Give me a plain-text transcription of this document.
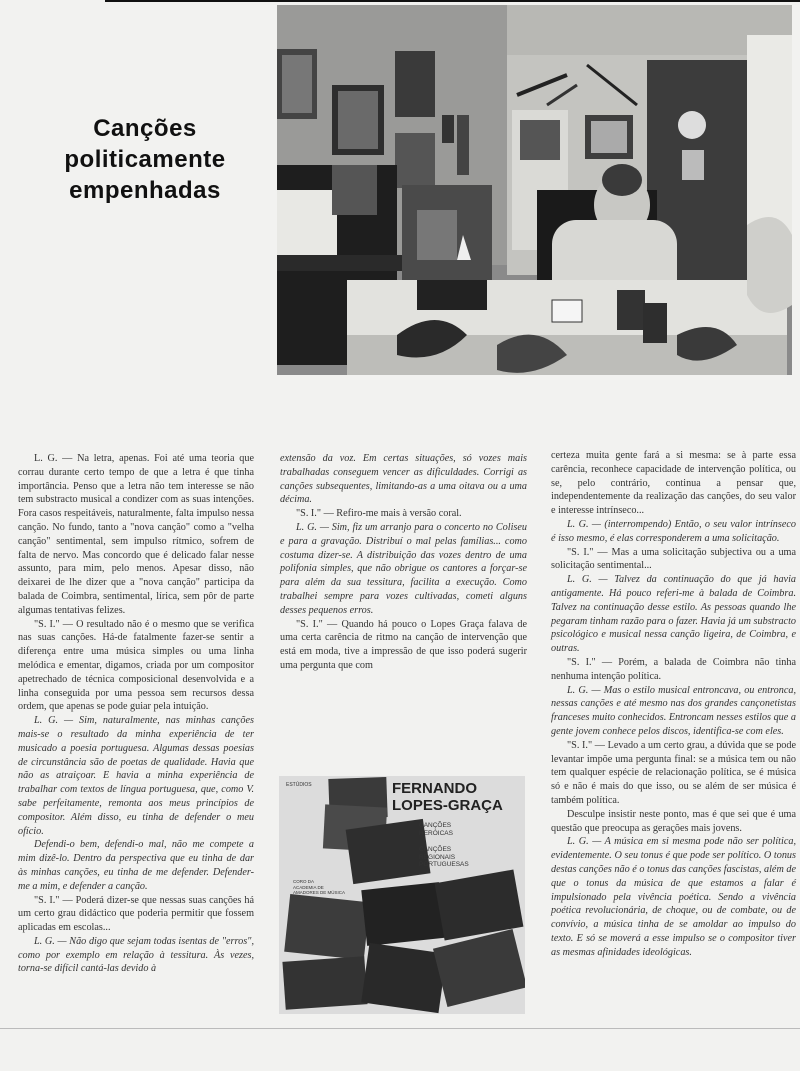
Canções
politicamente
empenhadas

L. G. — Na letra, apenas. Foi até uma teoria que corrau durante certo tempo de que a letra é que tinha importância. Penso que a letra não tem interesse se não tem substracto musical a condizer com as suas intenções. Fora casos respeitáveis, naturalmente, falta impulso nessa canção. No fundo, tanto a "nova canção" como a "velha canção" sentimental, sem impulso rítmico, sofrem de falta de nervo. Mas concordo que é delicado falar nesse assunto, para mim, pelo menos. Apesar disso, não deixarei de lhe dizer que a "nova canção" participa da balada de Coimbra, sentimental, lírica, sem pôr de parte algumas tentativas felizes.

"S. I." — O resultado não é o mesmo que se verifica nas suas canções. Há-de fatalmente fazer-se sentir a diferença entre uma música simples ou uma linha melódica e ementar, digamos, criada por um compositor apetrechado de técnica composicional desenvolvida e a linha conseguida por uma pessoa sem recursos dessa ordem, que apenas se pode guiar pela intuição.

L. G. — Sim, naturalmente, nas minhas canções mais-se o resultado da minha experiência de ter musicado a poesia portuguesa. Algumas dessas poesias de circunstância são de poetas de qualidade. Havia que não as atraiçoar. E havia a minha experiência de trabalhar com textos de língua portuguesa, que, como V. sabe perfeitamente, remonta aos meus princípios de compositor. Além disso, eu tinha de defender o meu ofício.

Defendi-o bem, defendi-o mal, não me compete a mim dizê-lo. Dentro da perspectiva que eu tinha de dar às minhas canções, eu tinha de me defender. Defender-me a mim, e defender a canção.

"S. I." — Poderá dizer-se que nessas suas canções há um certo grau didáctico que poderia permitir que fossem aplicadas em escolas...

L. G. — Não digo que sejam todas isentas de "erros", como por exemplo em relação à tessitura. Às vezes, torna-se difícil cantá-las devido à

extensão da voz. Em certas situações, só vozes mais trabalhadas conseguem vencer as dificuldades. Corrigi as canções subsequentes, limitando-as a uma oitava ou a uma décima.

"S. I." — Refiro-me mais à versão coral.

L. G. — Sim, fiz um arranjo para o concerto no Coliseu e para a gravação. Distribuí o mal pelas famílias... como costuma dizer-se. A distribuição das vozes dentro de uma polifonia simples, que não obrigue os cantores a forçar-se para além da sua tessitura, facilita a execução. Como trabalhei sempre para vozes cultivadas, cometi alguns desses pequenos erros.

"S. I." — Quando há pouco o Lopes Graça falava de uma certa carência de ritmo na canção de intervenção que está em moda, tive a impressão de que isso poderá sugerir uma pergunta que com

certeza muita gente fará a si mesma: se à parte essa carência, reconhece capacidade de intervenção política, ou se, pelo contrário, continua a pensar que, independentemente da realização das canções, do seu valor e interesse intrínseco...

L. G. — (interrompendo) Então, o seu valor intrínseco é isso mesmo, é elas corresponderem a uma solicitação.

"S. I." — Mas a uma solicitação subjectiva ou a uma solicitação sentimental...

L. G. — Talvez da continuação do que já havia antigamente. Há pouco referi-me à balada de Coimbra. Talvez na continuação desse estilo. As pessoas quando lhe pegaram tinham razão para o fazer. Havia já um substracto psicológico e musical nessa canção ligeira, de Coimbra, e outras.

"S. I." — Porém, a balada de Coimbra não tinha nenhuma intenção política.

L. G. — Mas o estilo musical entroncava, ou entronca, nessas canções e até mesmo nas dos grandes cançonetistas franceses muito conhecidos. Entroncam nesses estilos que a gente jovem conhece pelos discos, identifica-se com eles.

"S. I." — Levado a um certo grau, a dúvida que se pode levantar impõe uma pergunta final: se a música tem ou não tem qualquer espécie de relacionação política, se é música só e não é mais do que isso, ou se além de ser música é também política.

Desculpe insistir neste ponto, mas é que sei que é uma questão que preocupa as gerações mais jovens.

L. G. — A música em si mesma pode não ser política, evidentemente. O seu tonus é que pode ser político. O tonus destas canções não é o tonus das canções fascistas, além de que o tonus da música de que estamos a falar é impulsionado pela vivência poética. Sendo a vivência poética revolucionária, de choque, ou de combate, ou de convívio, a música tinha de se amoldar ao impulso do texto. E só se moverá a esse impulso se o compositor tiver as mesmas afinidades ideológicas.

ESTÚDIOS	FERNANDO
LOPES-GRAÇA
CANÇÕES
HERÓICAS
CANÇÕES
REGIONAIS
PORTUGUESAS
CORO DA
ACADEMIA DE
AMADORES DE MÚSICA
